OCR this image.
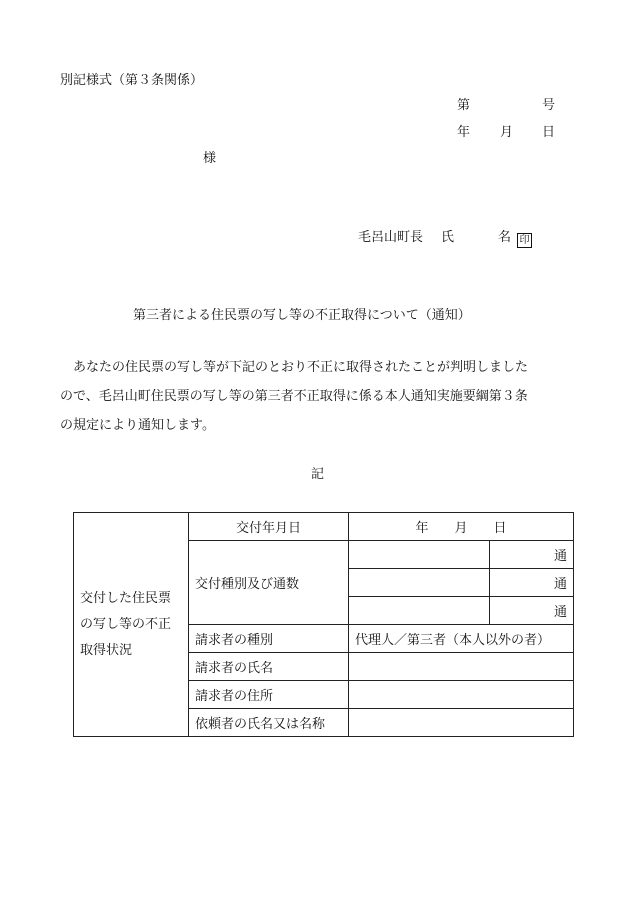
別記様式（第３条関係）
第	号
年 月 日
様
毛呂山町長 氏	名 印
第三者による住民票の写し等の不正取得について（通知）

　あなたの住民票の写し等が下記のとおり不正に取得されたことが判明しました

ので、毛呂山町住民票の写し等の第三者不正取得に係る本人通知実施要綱第３条

の規定により通知します。

記
交付した住民票
の写し等の不正
取得状況	交付年月日	年　　月　　日	
	交付種別及び通数		通
			通
			通
	請求者の種別	代理人／第三者（本人以外の者）	
	請求者の氏名		
	請求者の住所		
	依頼者の氏名又は名称		
